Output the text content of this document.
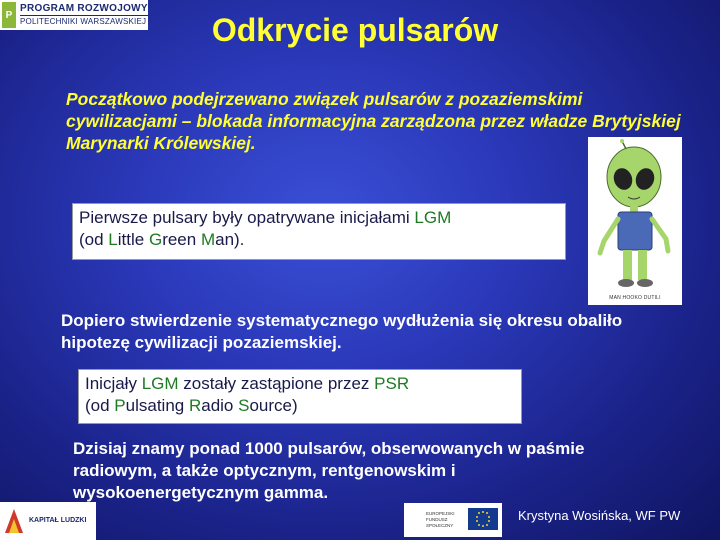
P
PROGRAM ROZWOJOWY
POLITECHNIKI WARSZAWSKIEJ	Odkrycie pulsarów
Początkowo podejrzewano związek pulsarów z pozaziemskimi cywilizacjami – blokada informacyjna zarządzona przez władze Brytyjskiej Marynarki Królewskiej.
Pierwsze pulsary były opatrywane inicjałami LGM
(od Little Green Man).
MAN HOOKO DUTILI
Dopiero stwierdzenie systematycznego wydłużenia się okresu obaliło hipotezę cywilizacji pozaziemskiej.
Inicjały LGM zostały zastąpione przez PSR
(od Pulsating Radio Source)
Dzisiaj znamy ponad 1000 pulsarów, obserwowanych w paśmie radiowym, a także optycznym, rentgenowskim i wysokoenergetycznym gamma.
KAPITAŁ LUDZKI
EUROPEJSKI FUNDUSZ SPOŁECZNY
Krystyna Wosińska, WF PW
